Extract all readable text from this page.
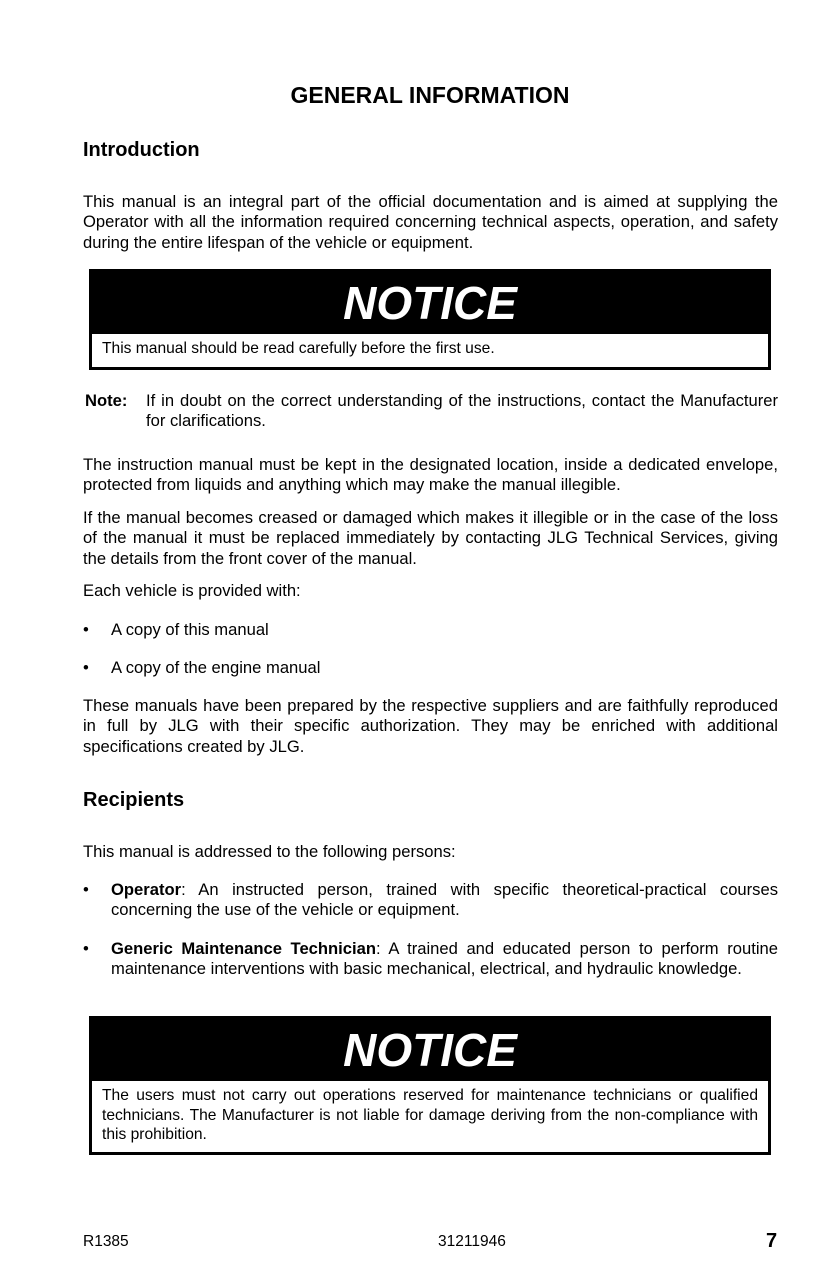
GENERAL INFORMATION
Introduction
This manual is an integral part of the official documentation and is aimed at supplying the Operator with all the information required concerning technical aspects, operation, and safety during the entire lifespan of the vehicle or equipment.
NOTICE
This manual should be read carefully before the first use.
Note: If in doubt on the correct understanding of the instructions, contact the Manufacturer for clarifications.
The instruction manual must be kept in the designated location, inside a dedicated envelope, protected from liquids and anything which may make the manual illegible.
If the manual becomes creased or damaged which makes it illegible or in the case of the loss of the manual it must be replaced immediately by contacting JLG Technical Services, giving the details from the front cover of the manual.
Each vehicle is provided with:
• A copy of this manual
• A copy of the engine manual
These manuals have been prepared by the respective suppliers and are faithfully reproduced in full by JLG with their specific authorization. They may be enriched with additional specifications created by JLG.
Recipients
This manual is addressed to the following persons:
• Operator: An instructed person, trained with specific theoretical-practical courses concerning the use of the vehicle or equipment.
• Generic Maintenance Technician: A trained and educated person to perform routine maintenance interventions with basic mechanical, electrical, and hydraulic knowledge.
NOTICE
The users must not carry out operations reserved for maintenance technicians or qualified technicians. The Manufacturer is not liable for damage deriving from the non-compliance with this prohibition.
R1385	31211946	7
